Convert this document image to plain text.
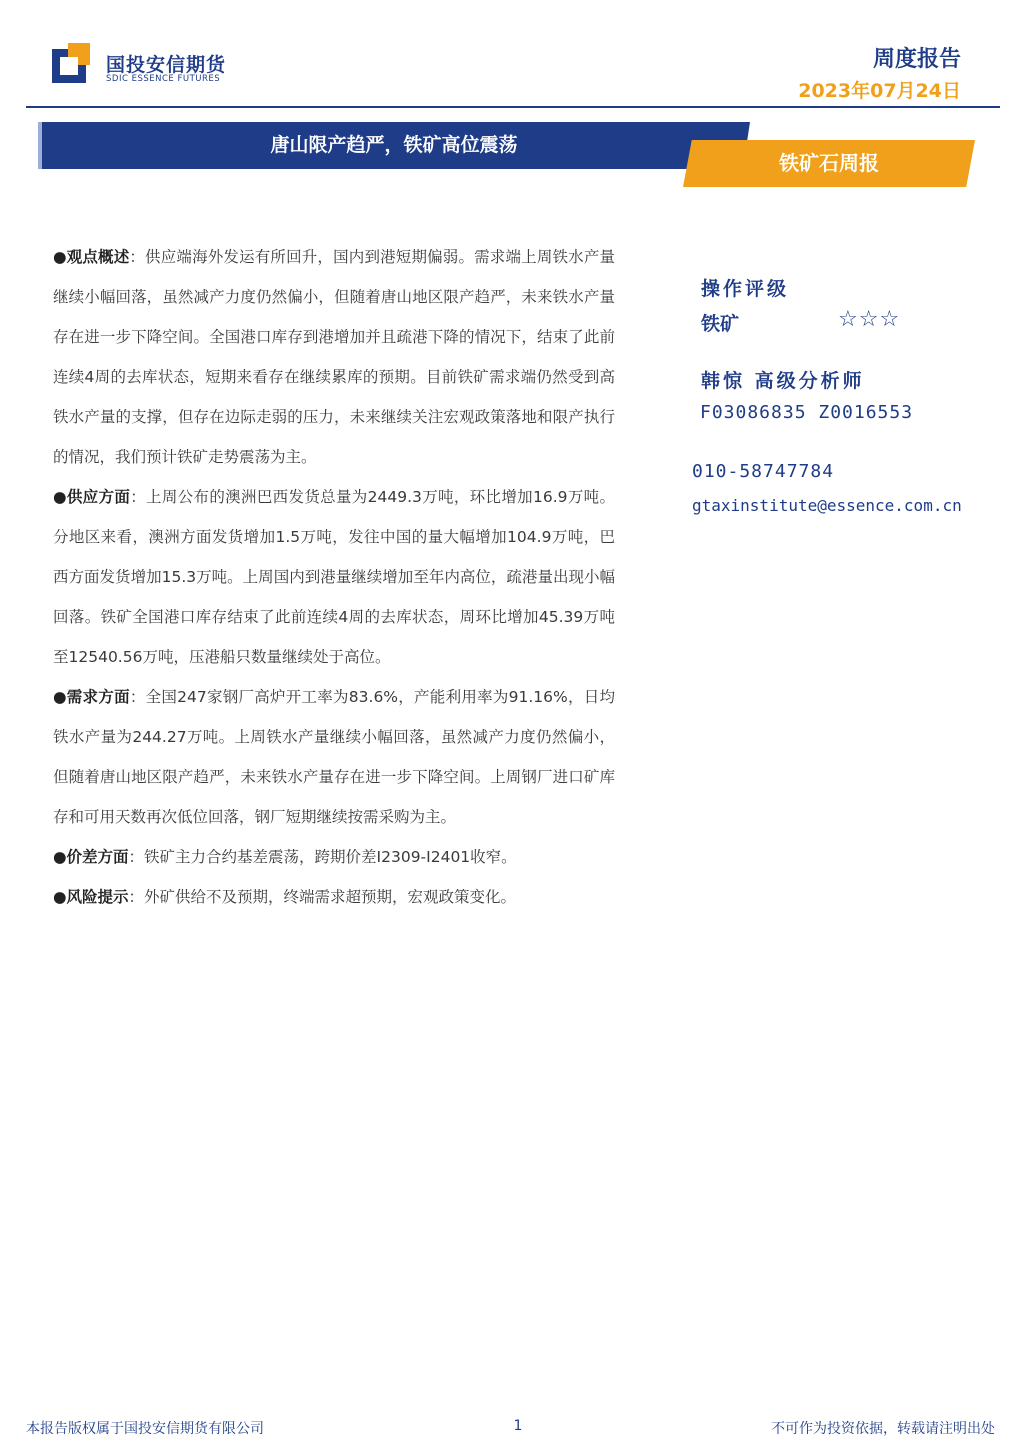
国投安信期货
SDIC ESSENCE FUTURES
周度报告
2023年07月24日
唐山限产趋严，铁矿高位震荡
铁矿石周报

●观点概述：供应端海外发运有所回升，国内到港短期偏弱。需求端上周铁水产量继续小幅回落，虽然减产力度仍然偏小，但随着唐山地区限产趋严，未来铁水产量存在进一步下降空间。全国港口库存到港增加并且疏港下降的情况下，结束了此前连续4周的去库状态，短期来看存在继续累库的预期。目前铁矿需求端仍然受到高铁水产量的支撑，但存在边际走弱的压力，未来继续关注宏观政策落地和限产执行的情况，我们预计铁矿走势震荡为主。

●供应方面：上周公布的澳洲巴西发货总量为2449.3万吨，环比增加16.9万吨。分地区来看，澳洲方面发货增加1.5万吨，发往中国的量大幅增加104.9万吨，巴西方面发货增加15.3万吨。上周国内到港量继续增加至年内高位，疏港量出现小幅回落。铁矿全国港口库存结束了此前连续4周的去库状态，周环比增加45.39万吨至12540.56万吨，压港船只数量继续处于高位。

●需求方面：全国247家钢厂高炉开工率为83.6%，产能利用率为91.16%，日均铁水产量为244.27万吨。上周铁水产量继续小幅回落，虽然减产力度仍然偏小，但随着唐山地区限产趋严，未来铁水产量存在进一步下降空间。上周钢厂进口矿库存和可用天数再次低位回落，钢厂短期继续按需采购为主。

●价差方面：铁矿主力合约基差震荡，跨期价差I2309-I2401收窄。

●风险提示：外矿供给不及预期，终端需求超预期，宏观政策变化。

操作评级
铁矿	☆☆☆
韩惊 高级分析师
F03086835 Z0016553
010-58747784
gtaxinstitute@essence.com.cn
本报告版权属于国投安信期货有限公司	1	不可作为投资依据，转载请注明出处
